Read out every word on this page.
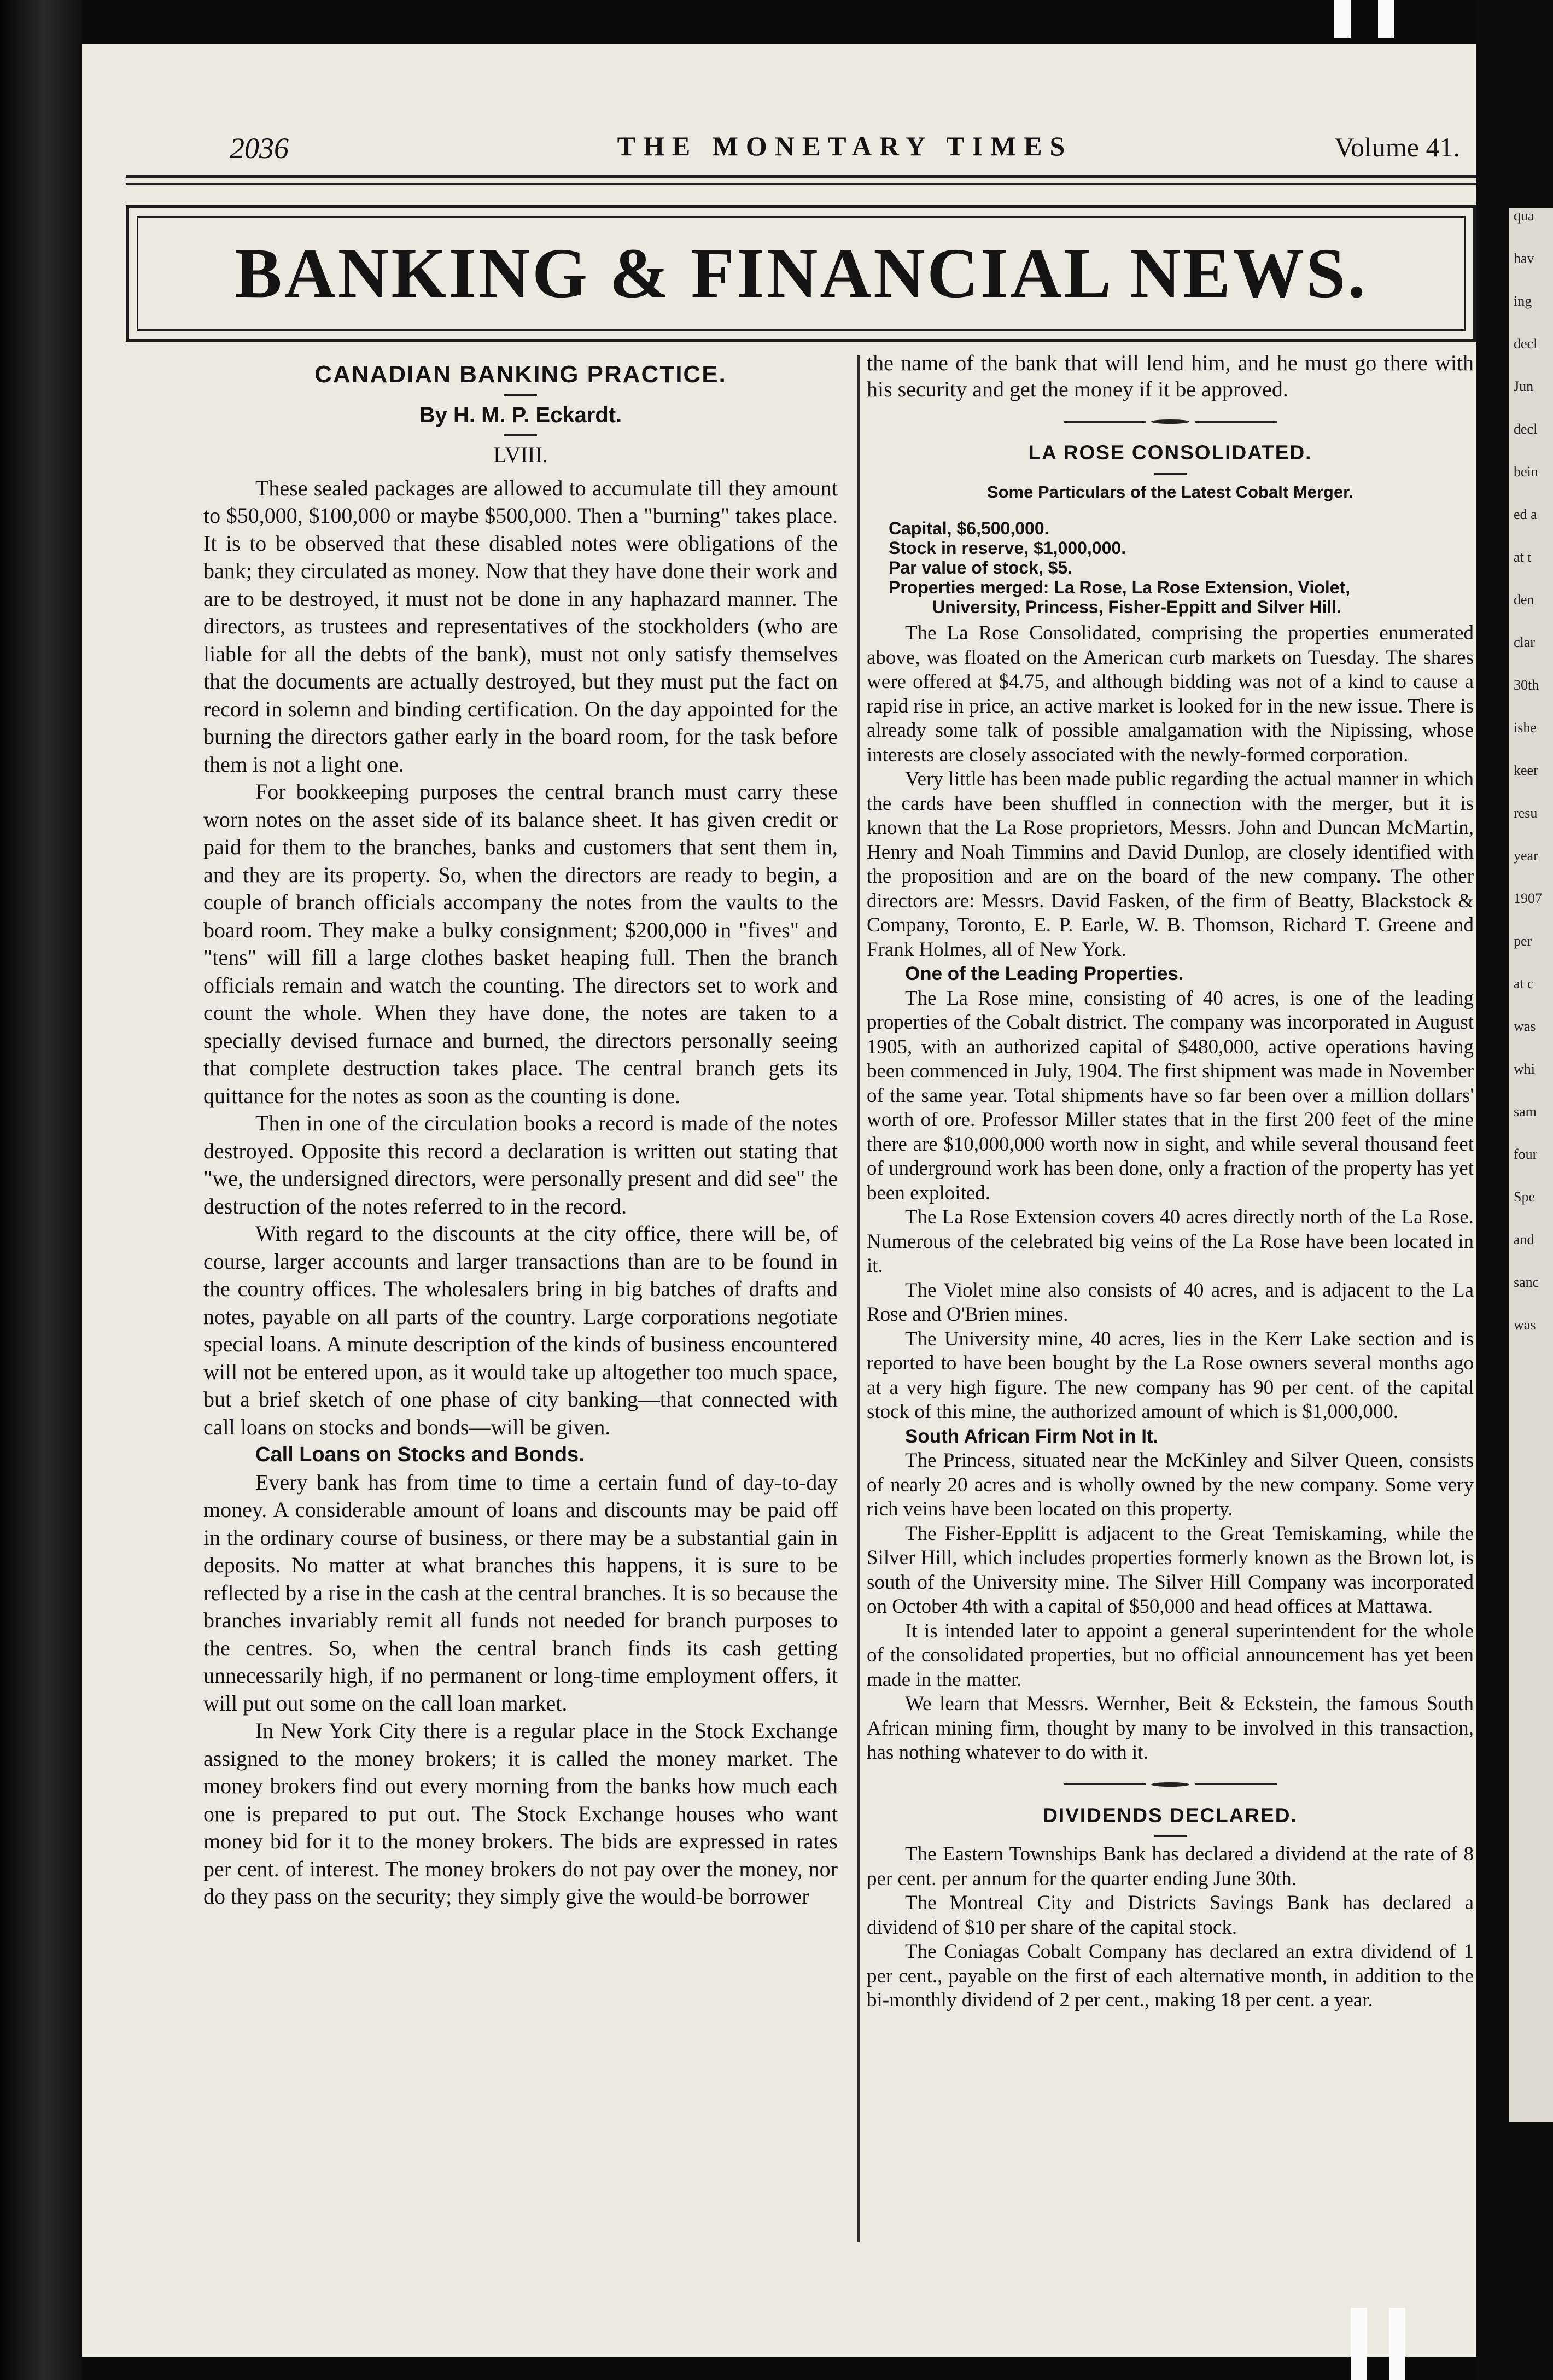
qua
hav
ing
decl
Jun
decl
bein
ed a
at t
den
clar
30th
ishe
keer
resu
year
1907
per
at c
was
whi
sam
four
Spe
and
sanc
was
2036	THE MONETARY TIMES	Volume 41.
BANKING & FINANCIAL NEWS.
CANADIAN BANKING PRACTICE.
By H. M. P. Eckardt.
LVIII.

These sealed packages are allowed to accumulate till they amount to $50,000, $100,000 or maybe $500,000. Then a "burning" takes place. It is to be observed that these disabled notes were obligations of the bank; they circulated as money. Now that they have done their work and are to be destroyed, it must not be done in any haphazard manner. The directors, as trustees and representatives of the stockholders (who are liable for all the debts of the bank), must not only satisfy themselves that the documents are actually destroyed, but they must put the fact on record in solemn and binding certification. On the day appointed for the burning the directors gather early in the board room, for the task before them is not a light one.

For bookkeeping purposes the central branch must carry these worn notes on the asset side of its balance sheet. It has given credit or paid for them to the branches, banks and customers that sent them in, and they are its property. So, when the directors are ready to begin, a couple of branch officials accompany the notes from the vaults to the board room. They make a bulky consignment; $200,000 in "fives" and "tens" will fill a large clothes basket heaping full. Then the branch officials remain and watch the counting. The directors set to work and count the whole. When they have done, the notes are taken to a specially devised furnace and burned, the directors personally seeing that complete destruction takes place. The central branch gets its quittance for the notes as soon as the counting is done.

Then in one of the circulation books a record is made of the notes destroyed. Opposite this record a declaration is written out stating that "we, the undersigned directors, were personally present and did see" the destruction of the notes referred to in the record.

With regard to the discounts at the city office, there will be, of course, larger accounts and larger transactions than are to be found in the country offices. The wholesalers bring in big batches of drafts and notes, payable on all parts of the country. Large corporations negotiate special loans. A minute description of the kinds of business encountered will not be entered upon, as it would take up altogether too much space, but a brief sketch of one phase of city banking—that connected with call loans on stocks and bonds—will be given.

Call Loans on Stocks and Bonds.

Every bank has from time to time a certain fund of day-to-day money. A considerable amount of loans and discounts may be paid off in the ordinary course of business, or there may be a substantial gain in deposits. No matter at what branches this happens, it is sure to be reflected by a rise in the cash at the central branches. It is so because the branches invariably remit all funds not needed for branch purposes to the centres. So, when the central branch finds its cash getting unnecessarily high, if no permanent or long-time employment offers, it will put out some on the call loan market.

In New York City there is a regular place in the Stock Exchange assigned to the money brokers; it is called the money market. The money brokers find out every morning from the banks how much each one is prepared to put out. The Stock Exchange houses who want money bid for it to the money brokers. The bids are expressed in rates per cent. of interest. The money brokers do not pay over the money, nor do they pass on the security; they simply give the would-be borrower

the name of the bank that will lend him, and he must go there with his security and get the money if it be approved.

LA ROSE CONSOLIDATED.
Some Particulars of the Latest Cobalt Merger.
Capital, $6,500,000.
Stock in reserve, $1,000,000.
Par value of stock, $5.
Properties merged: La Rose, La Rose Extension, Violet,
University, Princess, Fisher-Eppitt and Silver Hill.

The La Rose Consolidated, comprising the properties enumerated above, was floated on the American curb markets on Tuesday. The shares were offered at $4.75, and although bidding was not of a kind to cause a rapid rise in price, an active market is looked for in the new issue. There is already some talk of possible amalgamation with the Nipissing, whose interests are closely associated with the newly-formed corporation.

Very little has been made public regarding the actual manner in which the cards have been shuffled in connection with the merger, but it is known that the La Rose proprietors, Messrs. John and Duncan McMartin, Henry and Noah Timmins and David Dunlop, are closely identified with the proposition and are on the board of the new company. The other directors are: Messrs. David Fasken, of the firm of Beatty, Blackstock & Company, Toronto, E. P. Earle, W. B. Thomson, Richard T. Greene and Frank Holmes, all of New York.

One of the Leading Properties.

The La Rose mine, consisting of 40 acres, is one of the leading properties of the Cobalt district. The company was incorporated in August 1905, with an authorized capital of $480,000, active operations having been commenced in July, 1904. The first shipment was made in November of the same year. Total shipments have so far been over a million dollars' worth of ore. Professor Miller states that in the first 200 feet of the mine there are $10,000,000 worth now in sight, and while several thousand feet of underground work has been done, only a fraction of the property has yet been exploited.

The La Rose Extension covers 40 acres directly north of the La Rose. Numerous of the celebrated big veins of the La Rose have been located in it.

The Violet mine also consists of 40 acres, and is adjacent to the La Rose and O'Brien mines.

The University mine, 40 acres, lies in the Kerr Lake section and is reported to have been bought by the La Rose owners several months ago at a very high figure. The new company has 90 per cent. of the capital stock of this mine, the authorized amount of which is $1,000,000.

South African Firm Not in It.

The Princess, situated near the McKinley and Silver Queen, consists of nearly 20 acres and is wholly owned by the new company. Some very rich veins have been located on this property.

The Fisher-Epplitt is adjacent to the Great Temiskaming, while the Silver Hill, which includes properties formerly known as the Brown lot, is south of the University mine. The Silver Hill Company was incorporated on October 4th with a capital of $50,000 and head offices at Mattawa.

It is intended later to appoint a general superintendent for the whole of the consolidated properties, but no official announcement has yet been made in the matter.

We learn that Messrs. Wernher, Beit & Eckstein, the famous South African mining firm, thought by many to be involved in this transaction, has nothing whatever to do with it.

DIVIDENDS DECLARED.

The Eastern Townships Bank has declared a dividend at the rate of 8 per cent. per annum for the quarter ending June 30th.

The Montreal City and Districts Savings Bank has declared a dividend of $10 per share of the capital stock.

The Coniagas Cobalt Company has declared an extra dividend of 1 per cent., payable on the first of each alternative month, in addition to the bi-monthly dividend of 2 per cent., making 18 per cent. a year.
